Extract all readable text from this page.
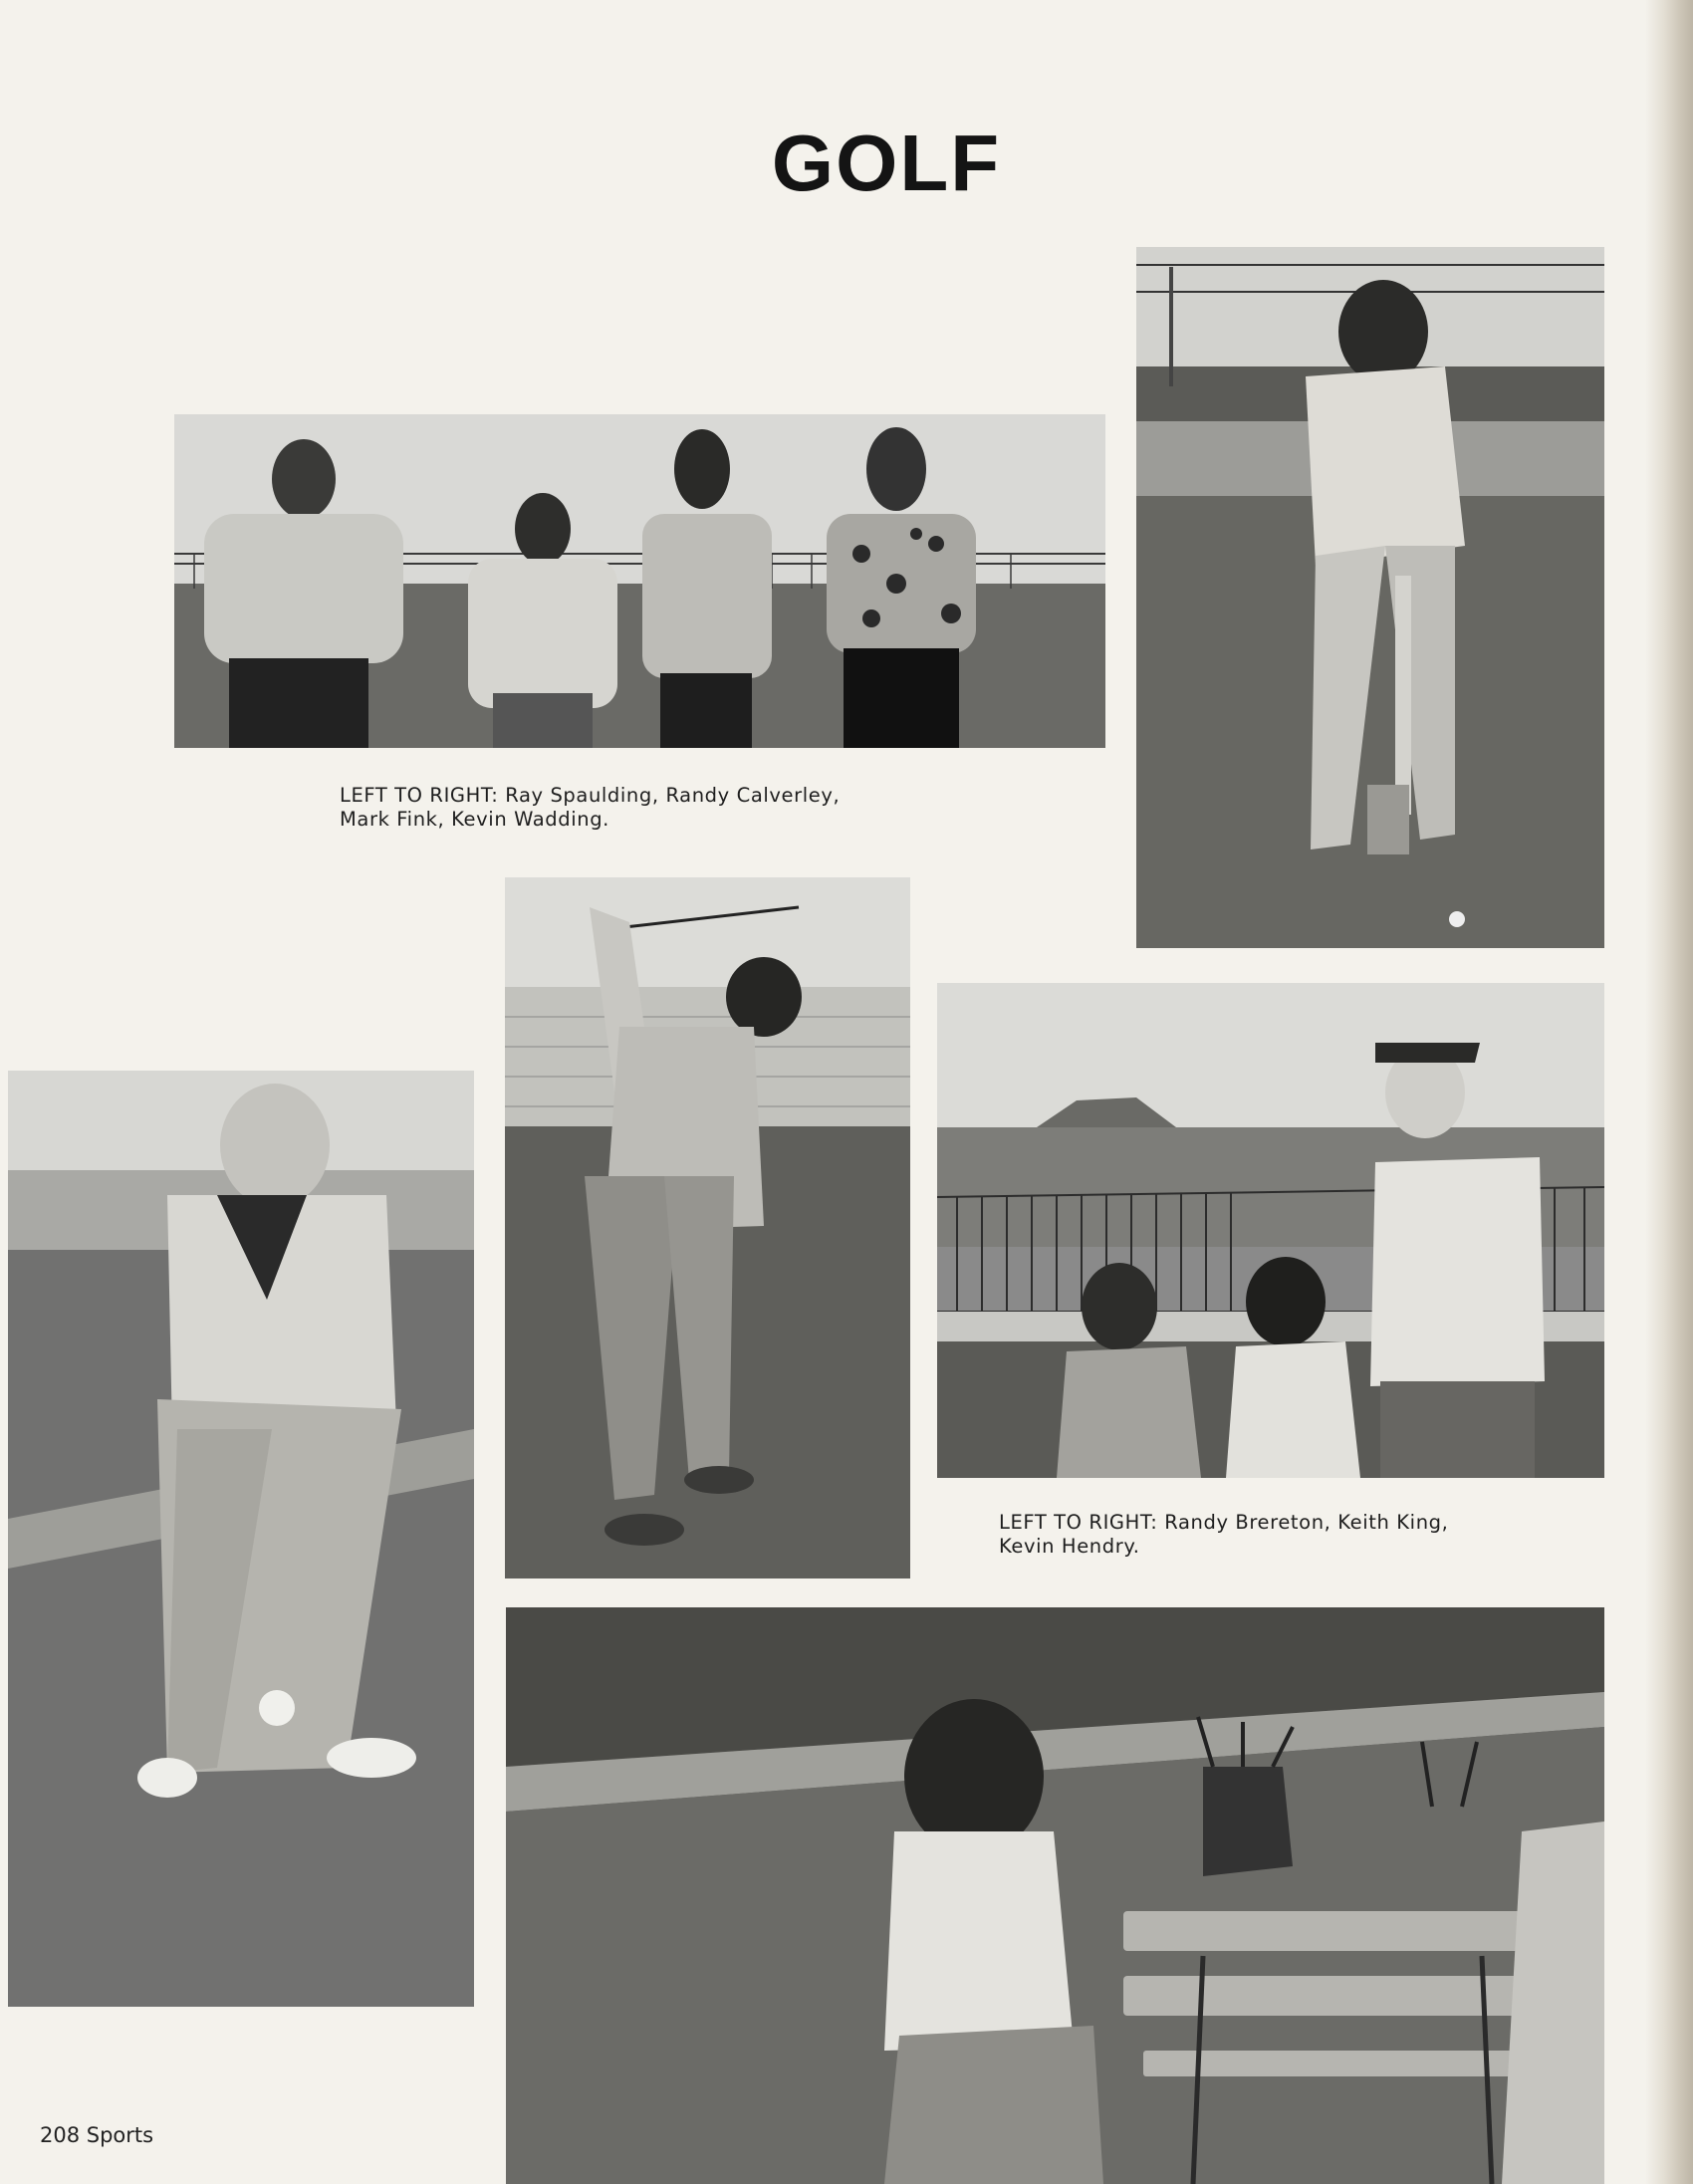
GOLF

LEFT TO RIGHT: Ray Spaulding, Randy Calverley,
Mark Fink, Kevin Wadding.

LEFT TO RIGHT: Randy Brereton, Keith King,
Kevin Hendry.

208 Sports
